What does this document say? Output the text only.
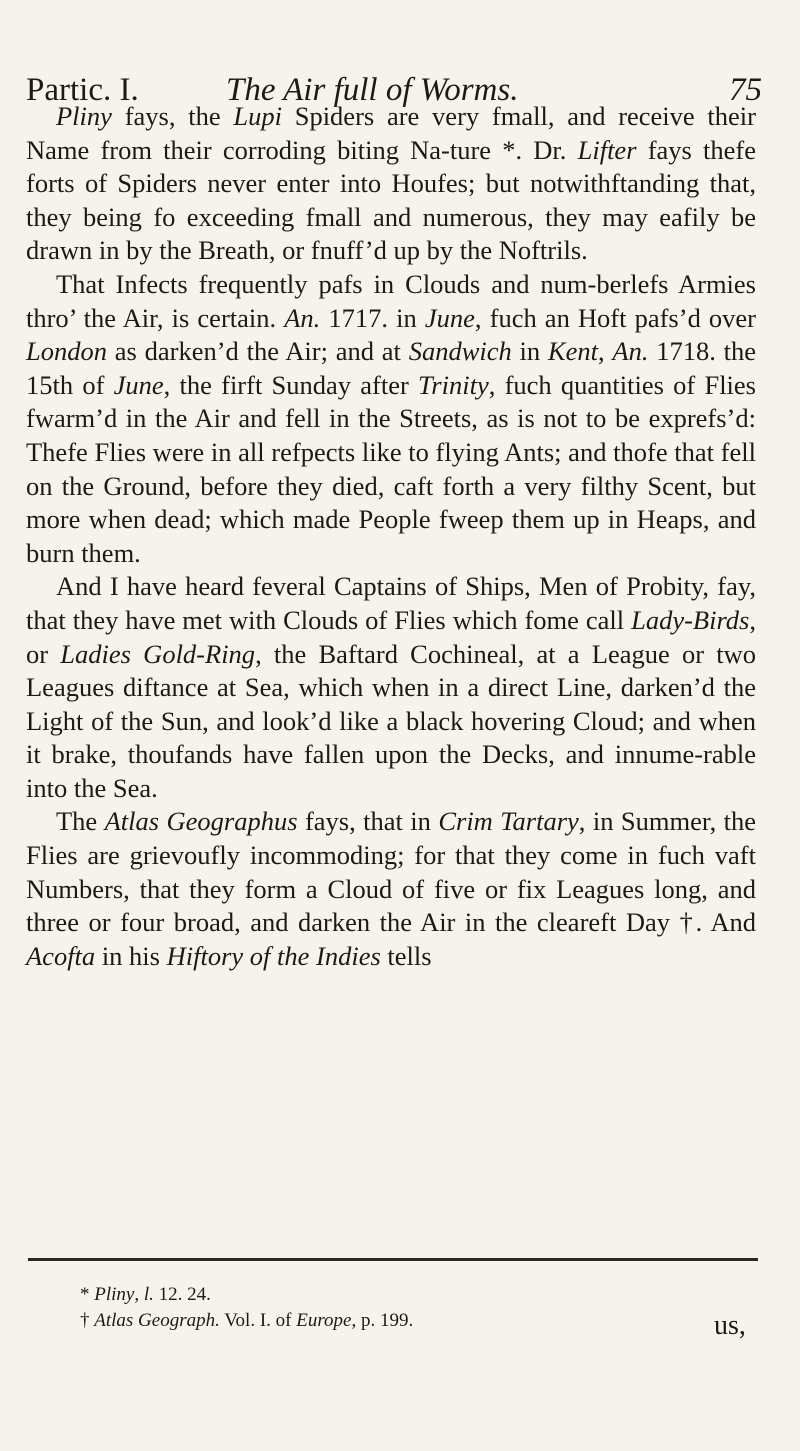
Partic. I.	The Air full of Worms.	75

Pliny fays, the Lupi Spiders are very fmall, and receive their Name from their corroding biting Na-ture *. Dr. Lifter fays thefe forts of Spiders never enter into Houfes; but notwithftanding that, they being fo exceeding fmall and numerous, they may eafily be drawn in by the Breath, or fnuff’d up by the Noftrils.

That Infects frequently pafs in Clouds and num-berlefs Armies thro’ the Air, is certain. An. 1717. in June, fuch an Hoft pafs’d over London as darken’d the Air; and at Sandwich in Kent, An. 1718. the 15th of June, the firft Sunday after Trinity, fuch quantities of Flies fwarm’d in the Air and fell in the Streets, as is not to be exprefs’d: Thefe Flies were in all refpects like to flying Ants; and thofe that fell on the Ground, before they died, caft forth a very filthy Scent, but more when dead; which made People fweep them up in Heaps, and burn them.

And I have heard feveral Captains of Ships, Men of Probity, fay, that they have met with Clouds of Flies which fome call Lady-Birds, or Ladies Gold-Ring, the Baftard Cochineal, at a League or two Leagues diftance at Sea, which when in a direct Line, darken’d the Light of the Sun, and look’d like a black hovering Cloud; and when it brake, thoufands have fallen upon the Decks, and innume-rable into the Sea.

The Atlas Geographus fays, that in Crim Tartary, in Summer, the Flies are grievoufly incommoding; for that they come in fuch vaft Numbers, that they form a Cloud of five or fix Leagues long, and three or four broad, and darken the Air in the cleareft Day †. And Acofta in his Hiftory of the Indies tells

* Pliny, l. 12. 24.
† Atlas Geograph. Vol. I. of Europe, p. 199.	us,
